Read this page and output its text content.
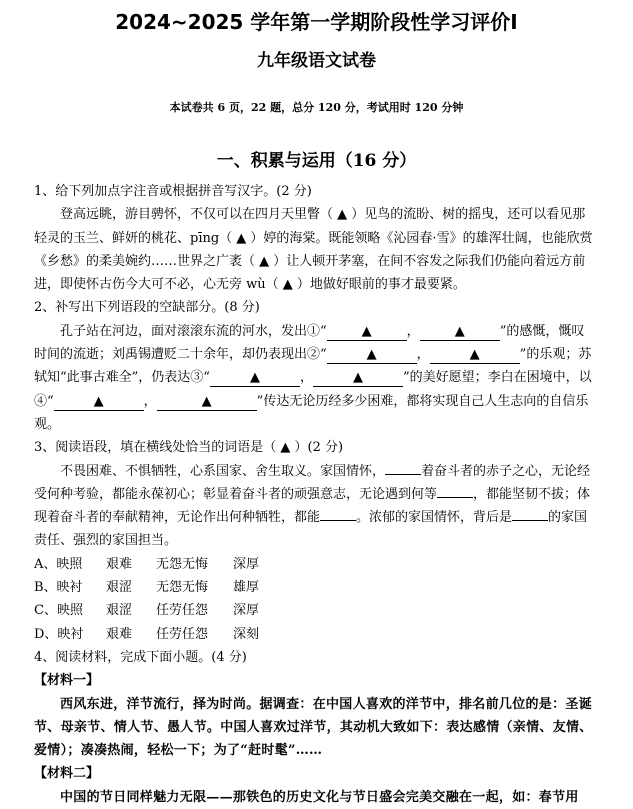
2024~2025 学年第一学期阶段性学习评价Ⅰ
九年级语文试卷
本试卷共 6 页，22 题，总分 120 分，考试用时 120 分钟
一、积累与运用（16 分）

1、给下列加点字注音或根据拼音写汉字。(2 分)

登高远眺，游目骋怀，不仅可以在四月天里瞥（ ▲ ）见鸟的流盼、树的摇曳，还可以看见那轻灵的玉兰、鲜妍的桃花、pīng（ ▲ ）婷的海棠。既能领略《沁园春·雪》的雄浑壮阔，也能欣赏《乡愁》的柔美婉约……世界之广袤（ ▲ ）让人顿开茅塞，在间不容发之际我们仍能向着远方前进，即使怀古伤今大可不必，心无旁 wù（ ▲ ）地做好眼前的事才最要紧。

2、补写出下列语段的空缺部分。(8 分)

孔子站在河边，面对滚滚东流的河水，发出①“	▲	，	▲	”的感慨，慨叹时间的流逝；刘禹锡遭贬二十余年，却仍表现出②“	▲	，	▲	”的乐观；苏轼知“此事古难全”，仍表达③“	▲	，	▲	”的美好愿望；李白在困境中，以④“	▲	，	▲	”传达无论历经多少困难，都将实现自己人生志向的自信乐观。

3、阅读语段，填在横线处恰当的词语是（ ▲ ）(2 分)

不畏困难、不惧牺牲，心系国家、舍生取义。家国情怀，	着奋斗者的赤子之心，无论经受何种考验，都能永葆初心；彰显着奋斗者的顽强意志，无论遇到何等	，都能坚韧不拔；体现着奋斗者的奉献精神，无论作出何种牺牲，都能	。浓郁的家国情怀，背后是	的家国责任、强烈的家国担当。

A、映照 艰难 无怨无悔 深厚

B、映衬 艰涩 无怨无悔 雄厚

C、映照 艰涩 任劳任怨 深厚

D、映衬 艰难 任劳任怨 深刻

4、阅读材料，完成下面小题。(4 分)

【材料一】

西风东进，洋节流行，择为时尚。据调查：在中国人喜欢的洋节中，排名前几位的是：圣诞节、母亲节、情人节、愚人节。中国人喜欢过洋节，其动机大致如下：表达感情（亲情、友情、爱情）；凑凑热闹，轻松一下；为了“赶时髦”……

【材料二】

中国的节日同样魅力无限——那铁色的历史文化与节日盛会完美交融在一起，如：春节用
